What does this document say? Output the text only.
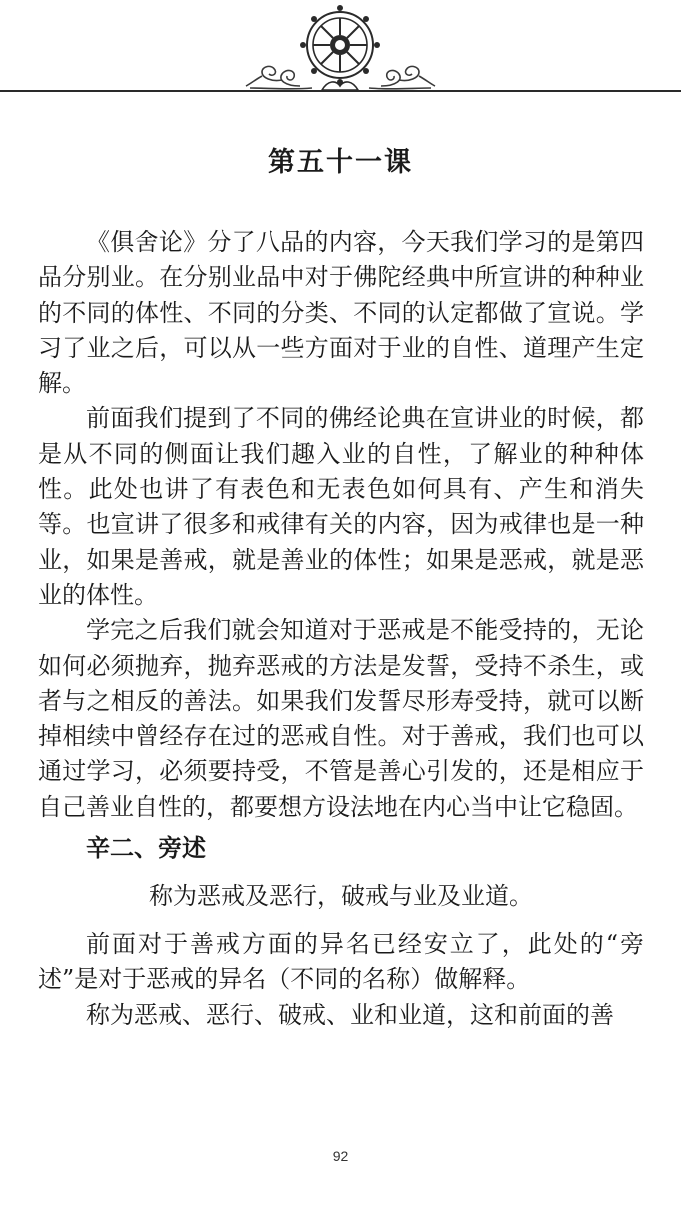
第五十一课

《俱舍论》分了八品的内容，今天我们学习的是第四品分别业。在分别业品中对于佛陀经典中所宣讲的种种业的不同的体性、不同的分类、不同的认定都做了宣说。学习了业之后，可以从一些方面对于业的自性、道理产生定解。

前面我们提到了不同的佛经论典在宣讲业的时候，都是从不同的侧面让我们趣入业的自性，了解业的种种体性。此处也讲了有表色和无表色如何具有、产生和消失等。也宣讲了很多和戒律有关的内容，因为戒律也是一种业，如果是善戒，就是善业的体性；如果是恶戒，就是恶业的体性。

学完之后我们就会知道对于恶戒是不能受持的，无论如何必须抛弃，抛弃恶戒的方法是发誓，受持不杀生，或者与之相反的善法。如果我们发誓尽形寿受持，就可以断掉相续中曾经存在过的恶戒自性。对于善戒，我们也可以通过学习，必须要持受，不管是善心引发的，还是相应于自己善业自性的，都要想方设法地在内心当中让它稳固。

辛二、旁述

称为恶戒及恶行，破戒与业及业道。

前面对于善戒方面的异名已经安立了，此处的“旁述”是对于恶戒的异名（不同的名称）做解释。

称为恶戒、恶行、破戒、业和业道，这和前面的善

92
